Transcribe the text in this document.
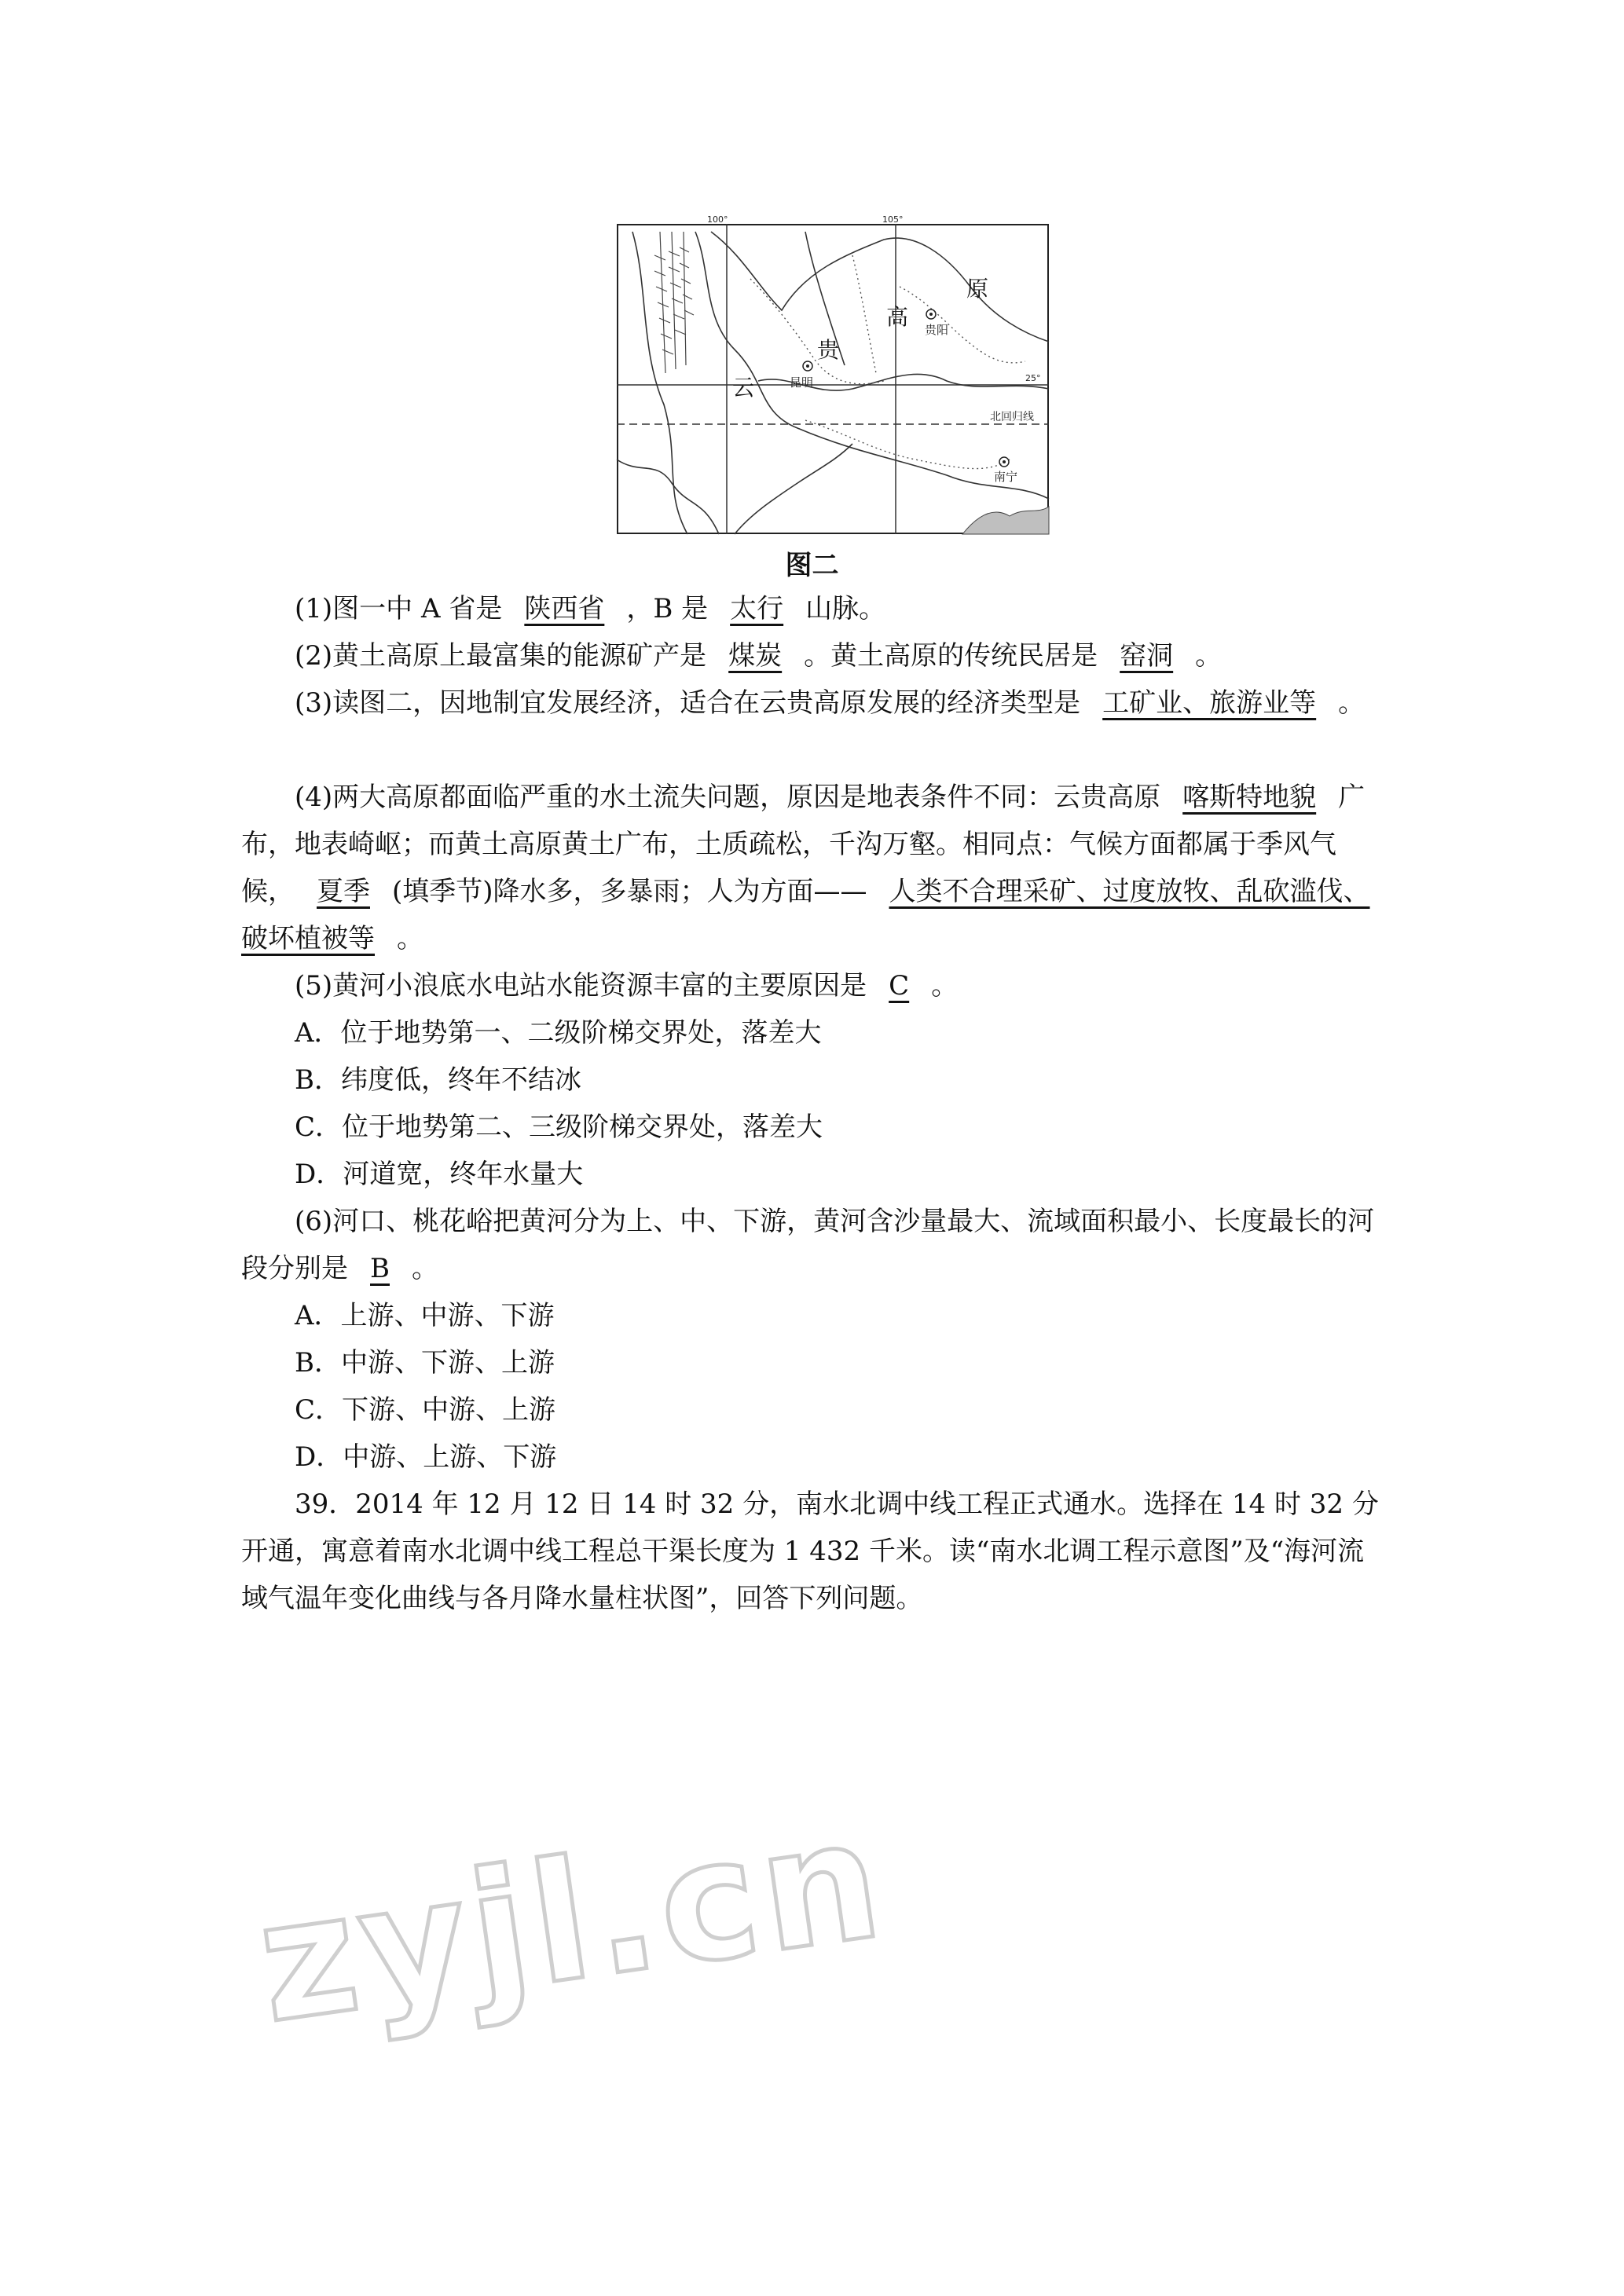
100°	105°
25°
北回归线
原
高
贵
云
贵阳
昆明
南宁
图二

(1)图一中 A 省是 陕西省 ，B 是 太行 山脉。

(2)黄土高原上最富集的能源矿产是 煤炭 。黄土高原的传统民居是 窑洞 。

(3)读图二，因地制宜发展经济，适合在云贵高原发展的经济类型是 工矿业、旅游业等 。

(4)两大高原都面临严重的水土流失问题，原因是地表条件不同：云贵高原 喀斯特地貌 广布，地表崎岖；而黄土高原黄土广布，土质疏松，千沟万壑。相同点：气候方面都属于季风气候， 夏季 (填季节)降水多，多暴雨；人为方面—— 人类不合理采矿、过度放牧、乱砍滥伐、破坏植被等 。

(5)黄河小浪底水电站水能资源丰富的主要原因是 C 。

A．位于地势第一、二级阶梯交界处，落差大

B．纬度低，终年不结冰

C．位于地势第二、三级阶梯交界处，落差大

D．河道宽，终年水量大

(6)河口、桃花峪把黄河分为上、中、下游，黄河含沙量最大、流域面积最小、长度最长的河段分别是 B 。

A．上游、中游、下游

B．中游、下游、上游

C．下游、中游、上游

D．中游、上游、下游

39．2014 年 12 月 12 日 14 时 32 分，南水北调中线工程正式通水。选择在 14 时 32 分开通，寓意着南水北调中线工程总干渠长度为 1 432 千米。读“南水北调工程示意图”及“海河流域气温年变化曲线与各月降水量柱状图”，回答下列问题。

zyjl.cn
